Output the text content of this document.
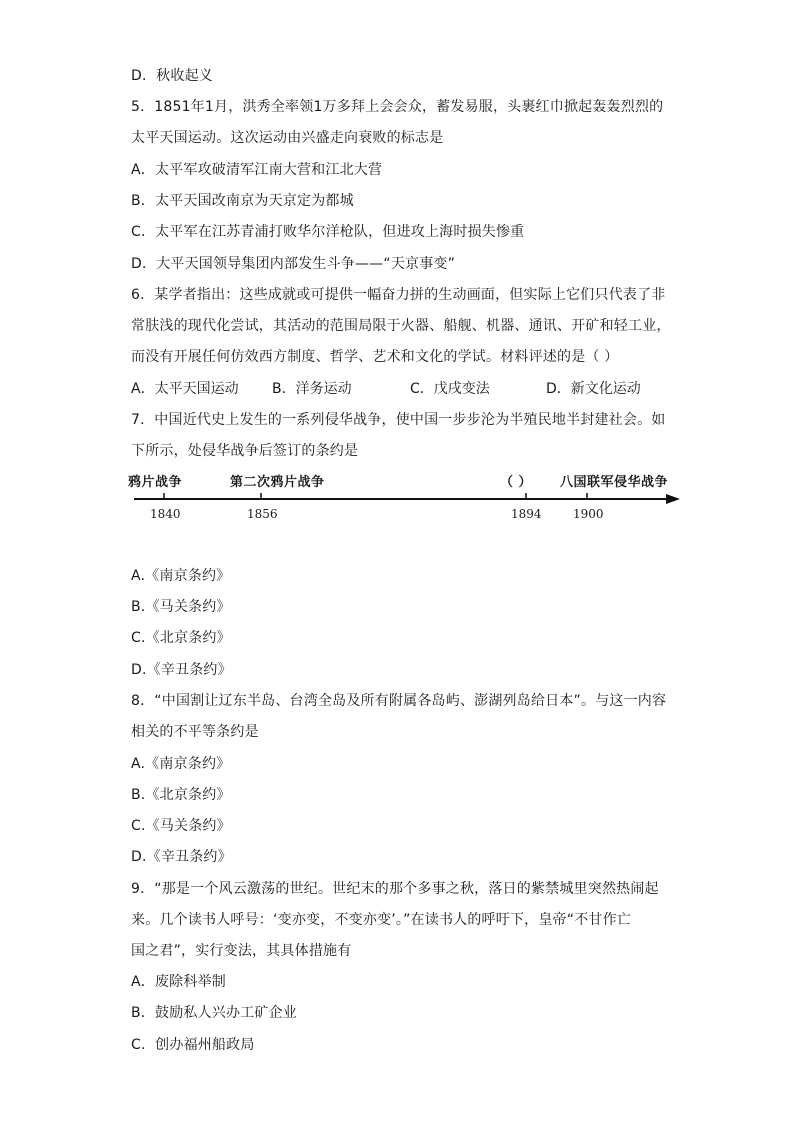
D．秋收起义
5．1851年1月，洪秀全率领1万多拜上会会众，蓄发易服，头裹红巾掀起轰轰烈烈的
太平天国运动。这次运动由兴盛走向衰败的标志是
A．太平军攻破清军江南大营和江北大营
B．太平天国改南京为天京定为都城
C．太平军在江苏青浦打败华尔洋枪队，但进攻上海时损失惨重
D．大平天国领导集团内部发生斗争——“天京事变”
6．某学者指出：这些成就或可提供一幅奋力拼的生动画面，但实际上它们只代表了非
常肤浅的现代化尝试，其活动的范围局限于火器、船舰、机器、通讯、开矿和轻工业，
而没有开展任何仿效西方制度、哲学、艺术和文化的学试。材料评述的是（ ）
A．太平天国运动 B．洋务运动	C．戊戌变法	D．新文化运动
7．中国近代史上发生的一系列侵华战争，使中国一步步沦为半殖民地半封建社会。如
下所示，处侵华战争后签订的条约是
鸦片战争	第二次鸦片战争	（ ） 八国联军侵华战争
1840	1856	1894	1900
A.《南京条约》
B.《马关条约》
C.《北京条约》
D.《辛丑条约》
8．“中国割让辽东半岛、台湾全岛及所有附属各岛屿、澎湖列岛给日本”。与这一内容
相关的不平等条约是
A.《南京条约》
B.《北京条约》
C.《马关条约》
D.《辛丑条约》
9．“那是一个风云激荡的世纪。世纪末的那个多事之秋，落日的紫禁城里突然热闹起
来。几个读书人呼号：‘变亦变，不变亦变’。”在读书人的呼吁下，皇帝“不甘作亡
国之君”，实行变法，其具体措施有
A．废除科举制
B．鼓励私人兴办工矿企业
C．创办福州船政局
